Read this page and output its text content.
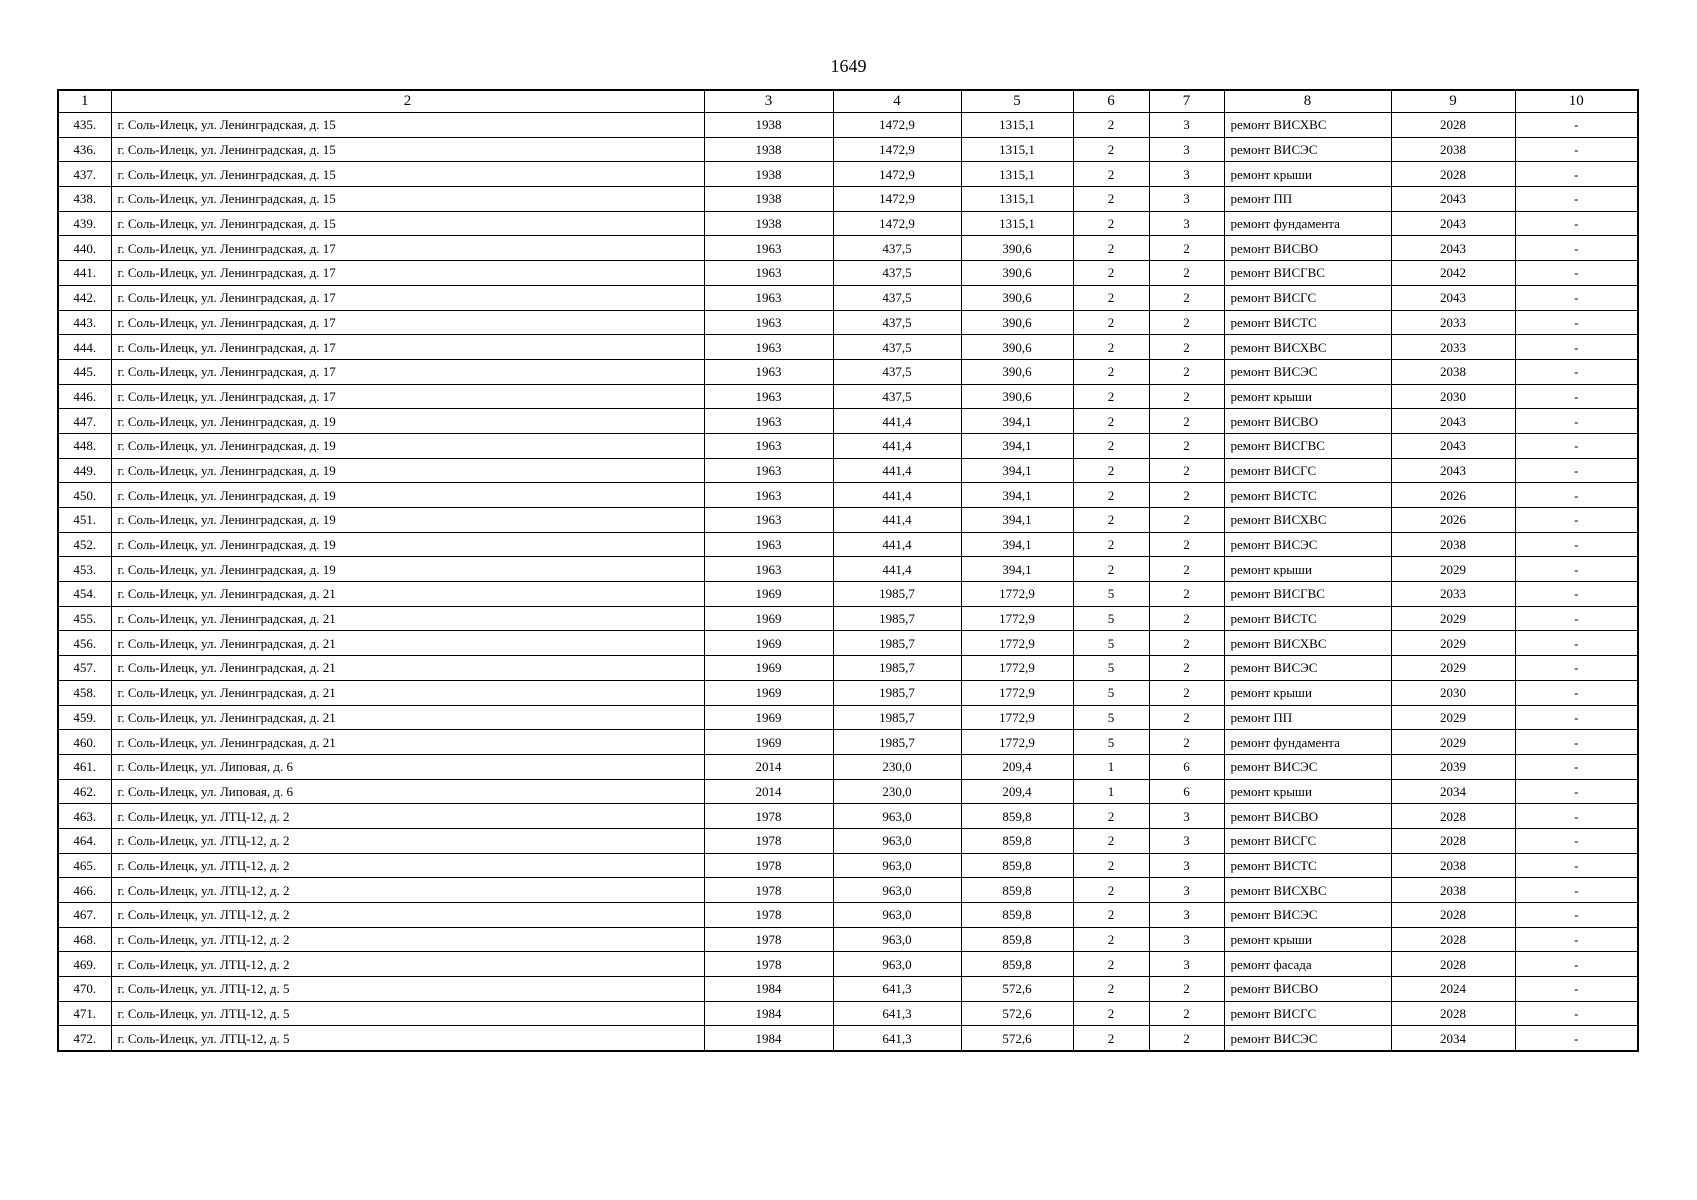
1649
1	2	3	4	5	6	7	8	9	10
435.	г. Соль-Илецк, ул. Ленинградская, д. 15	1938	1472,9	1315,1	2	3	ремонт ВИСХВС	2028	-
436.	г. Соль-Илецк, ул. Ленинградская, д. 15	1938	1472,9	1315,1	2	3	ремонт ВИСЭС	2038	-
437.	г. Соль-Илецк, ул. Ленинградская, д. 15	1938	1472,9	1315,1	2	3	ремонт крыши	2028	-
438.	г. Соль-Илецк, ул. Ленинградская, д. 15	1938	1472,9	1315,1	2	3	ремонт ПП	2043	-
439.	г. Соль-Илецк, ул. Ленинградская, д. 15	1938	1472,9	1315,1	2	3	ремонт фундамента	2043	-
440.	г. Соль-Илецк, ул. Ленинградская, д. 17	1963	437,5	390,6	2	2	ремонт ВИСВО	2043	-
441.	г. Соль-Илецк, ул. Ленинградская, д. 17	1963	437,5	390,6	2	2	ремонт ВИСГВС	2042	-
442.	г. Соль-Илецк, ул. Ленинградская, д. 17	1963	437,5	390,6	2	2	ремонт ВИСГС	2043	-
443.	г. Соль-Илецк, ул. Ленинградская, д. 17	1963	437,5	390,6	2	2	ремонт ВИСТС	2033	-
444.	г. Соль-Илецк, ул. Ленинградская, д. 17	1963	437,5	390,6	2	2	ремонт ВИСХВС	2033	-
445.	г. Соль-Илецк, ул. Ленинградская, д. 17	1963	437,5	390,6	2	2	ремонт ВИСЭС	2038	-
446.	г. Соль-Илецк, ул. Ленинградская, д. 17	1963	437,5	390,6	2	2	ремонт крыши	2030	-
447.	г. Соль-Илецк, ул. Ленинградская, д. 19	1963	441,4	394,1	2	2	ремонт ВИСВО	2043	-
448.	г. Соль-Илецк, ул. Ленинградская, д. 19	1963	441,4	394,1	2	2	ремонт ВИСГВС	2043	-
449.	г. Соль-Илецк, ул. Ленинградская, д. 19	1963	441,4	394,1	2	2	ремонт ВИСГС	2043	-
450.	г. Соль-Илецк, ул. Ленинградская, д. 19	1963	441,4	394,1	2	2	ремонт ВИСТС	2026	-
451.	г. Соль-Илецк, ул. Ленинградская, д. 19	1963	441,4	394,1	2	2	ремонт ВИСХВС	2026	-
452.	г. Соль-Илецк, ул. Ленинградская, д. 19	1963	441,4	394,1	2	2	ремонт ВИСЭС	2038	-
453.	г. Соль-Илецк, ул. Ленинградская, д. 19	1963	441,4	394,1	2	2	ремонт крыши	2029	-
454.	г. Соль-Илецк, ул. Ленинградская, д. 21	1969	1985,7	1772,9	5	2	ремонт ВИСГВС	2033	-
455.	г. Соль-Илецк, ул. Ленинградская, д. 21	1969	1985,7	1772,9	5	2	ремонт ВИСТС	2029	-
456.	г. Соль-Илецк, ул. Ленинградская, д. 21	1969	1985,7	1772,9	5	2	ремонт ВИСХВС	2029	-
457.	г. Соль-Илецк, ул. Ленинградская, д. 21	1969	1985,7	1772,9	5	2	ремонт ВИСЭС	2029	-
458.	г. Соль-Илецк, ул. Ленинградская, д. 21	1969	1985,7	1772,9	5	2	ремонт крыши	2030	-
459.	г. Соль-Илецк, ул. Ленинградская, д. 21	1969	1985,7	1772,9	5	2	ремонт ПП	2029	-
460.	г. Соль-Илецк, ул. Ленинградская, д. 21	1969	1985,7	1772,9	5	2	ремонт фундамента	2029	-
461.	г. Соль-Илецк, ул. Липовая, д. 6	2014	230,0	209,4	1	6	ремонт ВИСЭС	2039	-
462.	г. Соль-Илецк, ул. Липовая, д. 6	2014	230,0	209,4	1	6	ремонт крыши	2034	-
463.	г. Соль-Илецк, ул. ЛТЦ-12, д. 2	1978	963,0	859,8	2	3	ремонт ВИСВО	2028	-
464.	г. Соль-Илецк, ул. ЛТЦ-12, д. 2	1978	963,0	859,8	2	3	ремонт ВИСГС	2028	-
465.	г. Соль-Илецк, ул. ЛТЦ-12, д. 2	1978	963,0	859,8	2	3	ремонт ВИСТС	2038	-
466.	г. Соль-Илецк, ул. ЛТЦ-12, д. 2	1978	963,0	859,8	2	3	ремонт ВИСХВС	2038	-
467.	г. Соль-Илецк, ул. ЛТЦ-12, д. 2	1978	963,0	859,8	2	3	ремонт ВИСЭС	2028	-
468.	г. Соль-Илецк, ул. ЛТЦ-12, д. 2	1978	963,0	859,8	2	3	ремонт крыши	2028	-
469.	г. Соль-Илецк, ул. ЛТЦ-12, д. 2	1978	963,0	859,8	2	3	ремонт фасада	2028	-
470.	г. Соль-Илецк, ул. ЛТЦ-12, д. 5	1984	641,3	572,6	2	2	ремонт ВИСВО	2024	-
471.	г. Соль-Илецк, ул. ЛТЦ-12, д. 5	1984	641,3	572,6	2	2	ремонт ВИСГС	2028	-
472.	г. Соль-Илецк, ул. ЛТЦ-12, д. 5	1984	641,3	572,6	2	2	ремонт ВИСЭС	2034	-
